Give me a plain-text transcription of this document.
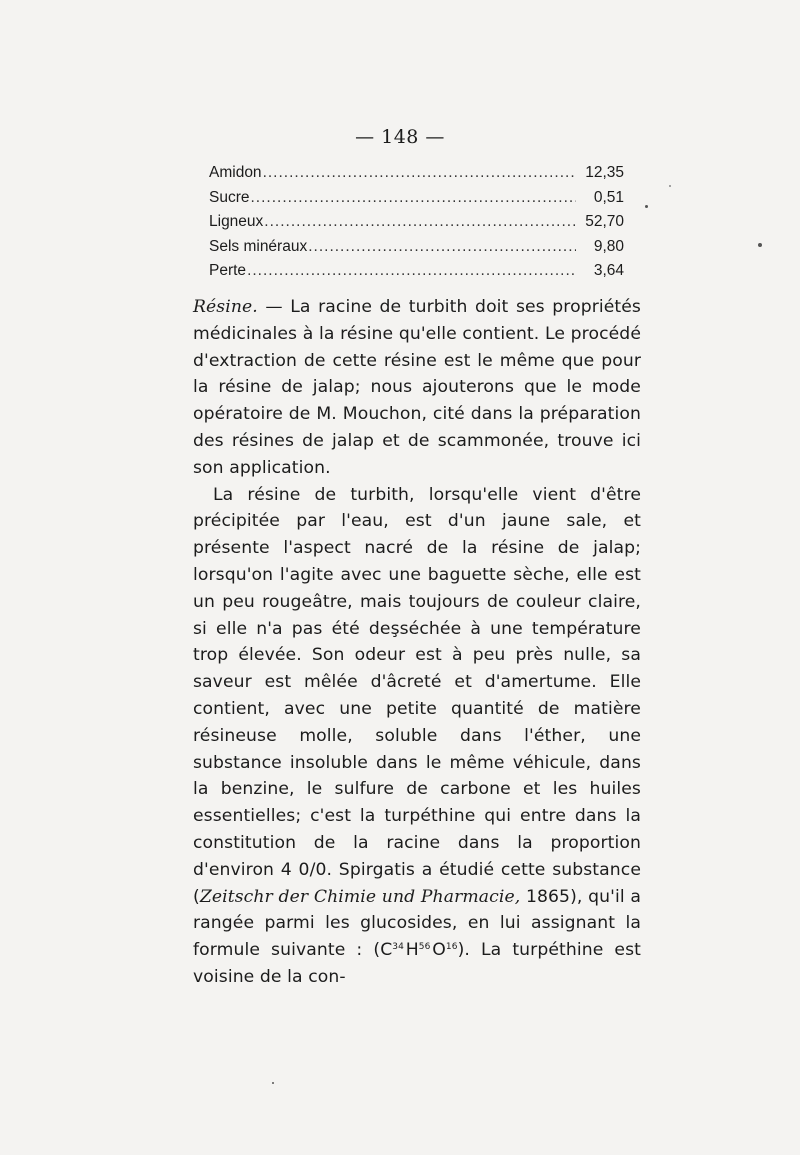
— 148 —
Amidon .....	12,35
Sucre .....	0,51
Ligneux .....	52,70
Sels minéraux .....	9,80
Perte .....	3,64

Résine. — La racine de turbith doit ses propriétés médicinales à la résine qu'elle contient. Le procédé d'extraction de cette résine est le même que pour la résine de jalap; nous ajouterons que le mode opératoire de M. Mouchon, cité dans la préparation des résines de jalap et de scammonée, trouve ici son application.

La résine de turbith, lorsqu'elle vient d'être précipitée par l'eau, est d'un jaune sale, et présente l'aspect nacré de la résine de jalap; lorsqu'on l'agite avec une baguette sèche, elle est un peu rougeâtre, mais toujours de couleur claire, si elle n'a pas été deşséchée à une température trop élevée. Son odeur est à peu près nulle, sa saveur est mêlée d'âcreté et d'amertume. Elle contient, avec une petite quantité de matière résineuse molle, soluble dans l'éther, une substance insoluble dans le même véhicule, dans la benzine, le sulfure de carbone et les huiles essentielles; c'est la turpéthine qui entre dans la constitution de la racine dans la proportion d'environ 4 0/0. Spirgatis a étudié cette substance (Zeitschr der Chimie und Pharmacie, 1865), qu'il a rangée parmi les glucosides, en lui assignant la formule suivante : ($C^{34}$  $H^{56}$  $O^{16}$). La turpéthine est voisine de la con-
